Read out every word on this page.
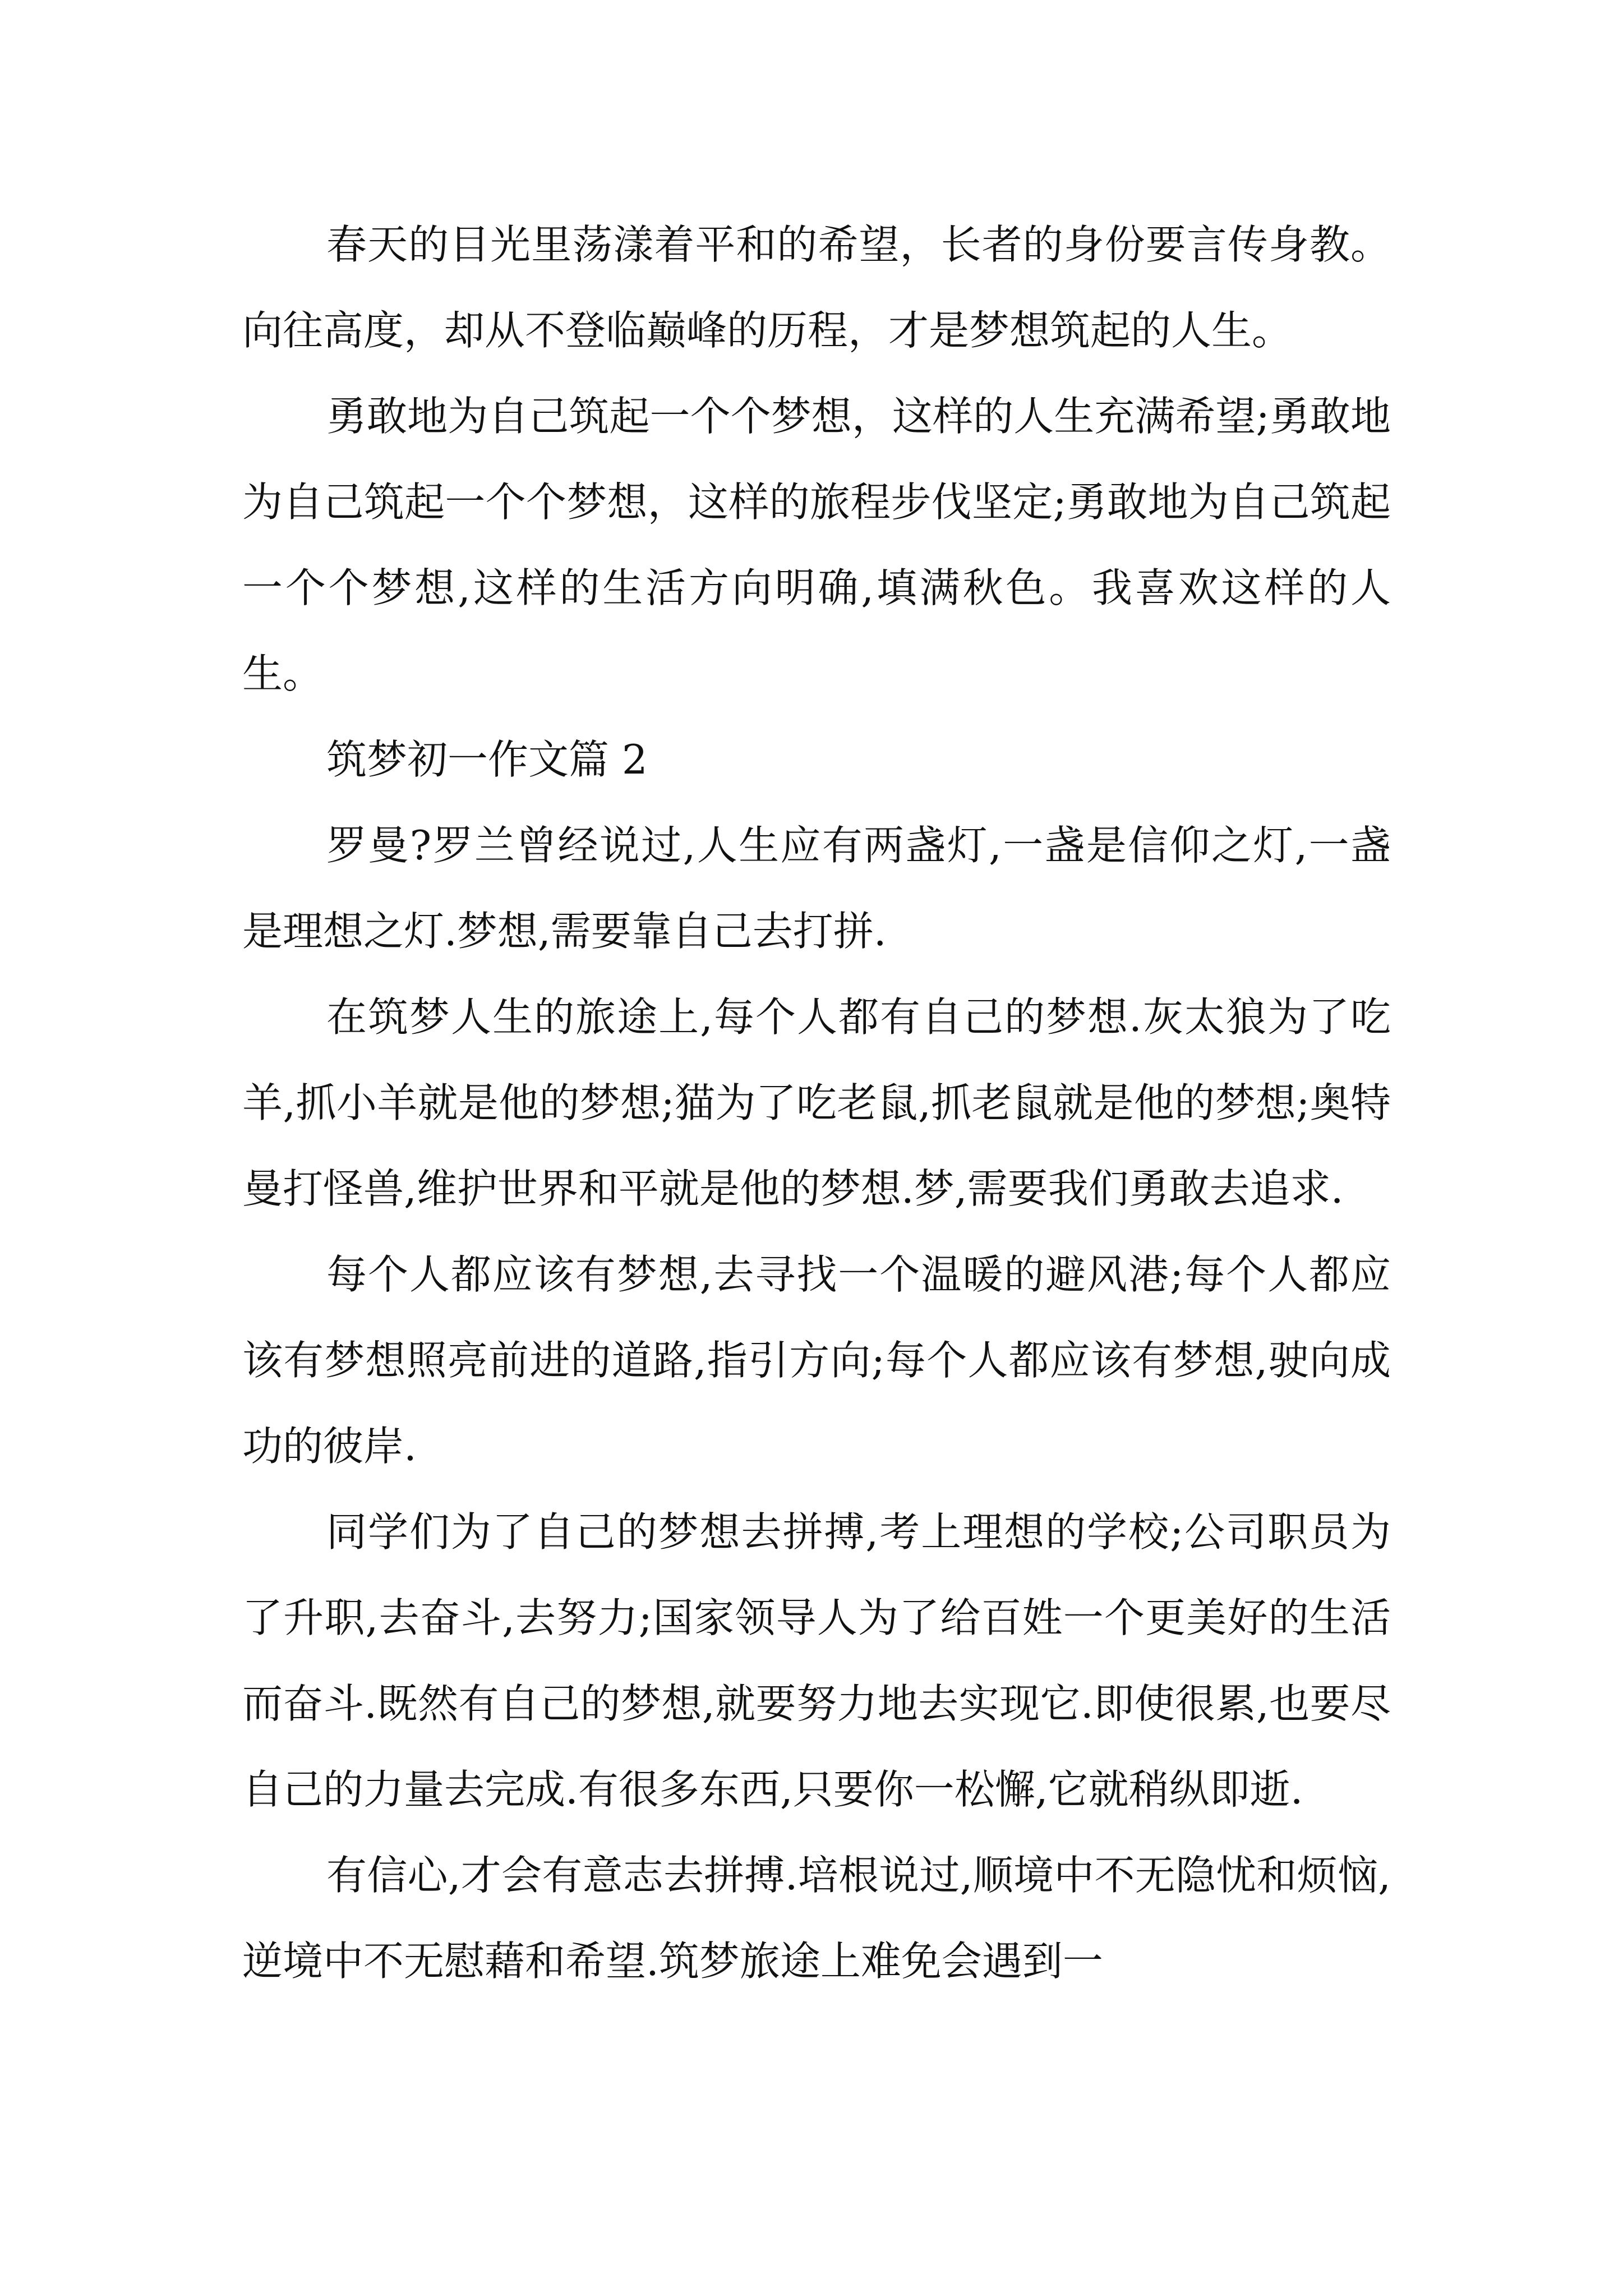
春天的目光里荡漾着平和的希望，长者的身份要言传身教。向往高度，却从不登临巅峰的历程，才是梦想筑起的人生。

勇敢地为自己筑起一个个梦想，这样的人生充满希望;勇敢地为自己筑起一个个梦想，这样的旅程步伐坚定;勇敢地为自己筑起一个个梦想,这样的生活方向明确,填满秋色。我喜欢这样的人生。

筑梦初一作文篇 2

罗曼?罗兰曾经说过,人生应有两盏灯,一盏是信仰之灯,一盏是理想之灯.梦想,需要靠自己去打拼.

在筑梦人生的旅途上,每个人都有自己的梦想.灰太狼为了吃羊,抓小羊就是他的梦想;猫为了吃老鼠,抓老鼠就是他的梦想;奥特曼打怪兽,维护世界和平就是他的梦想.梦,需要我们勇敢去追求.

每个人都应该有梦想,去寻找一个温暖的避风港;每个人都应该有梦想照亮前进的道路,指引方向;每个人都应该有梦想,驶向成功的彼岸.

同学们为了自己的梦想去拼搏,考上理想的学校;公司职员为了升职,去奋斗,去努力;国家领导人为了给百姓一个更美好的生活而奋斗.既然有自己的梦想,就要努力地去实现它.即使很累,也要尽自己的力量去完成.有很多东西,只要你一松懈,它就稍纵即逝.

有信心,才会有意志去拼搏.培根说过,顺境中不无隐忧和烦恼,逆境中不无慰藉和希望.筑梦旅途上难免会遇到一
